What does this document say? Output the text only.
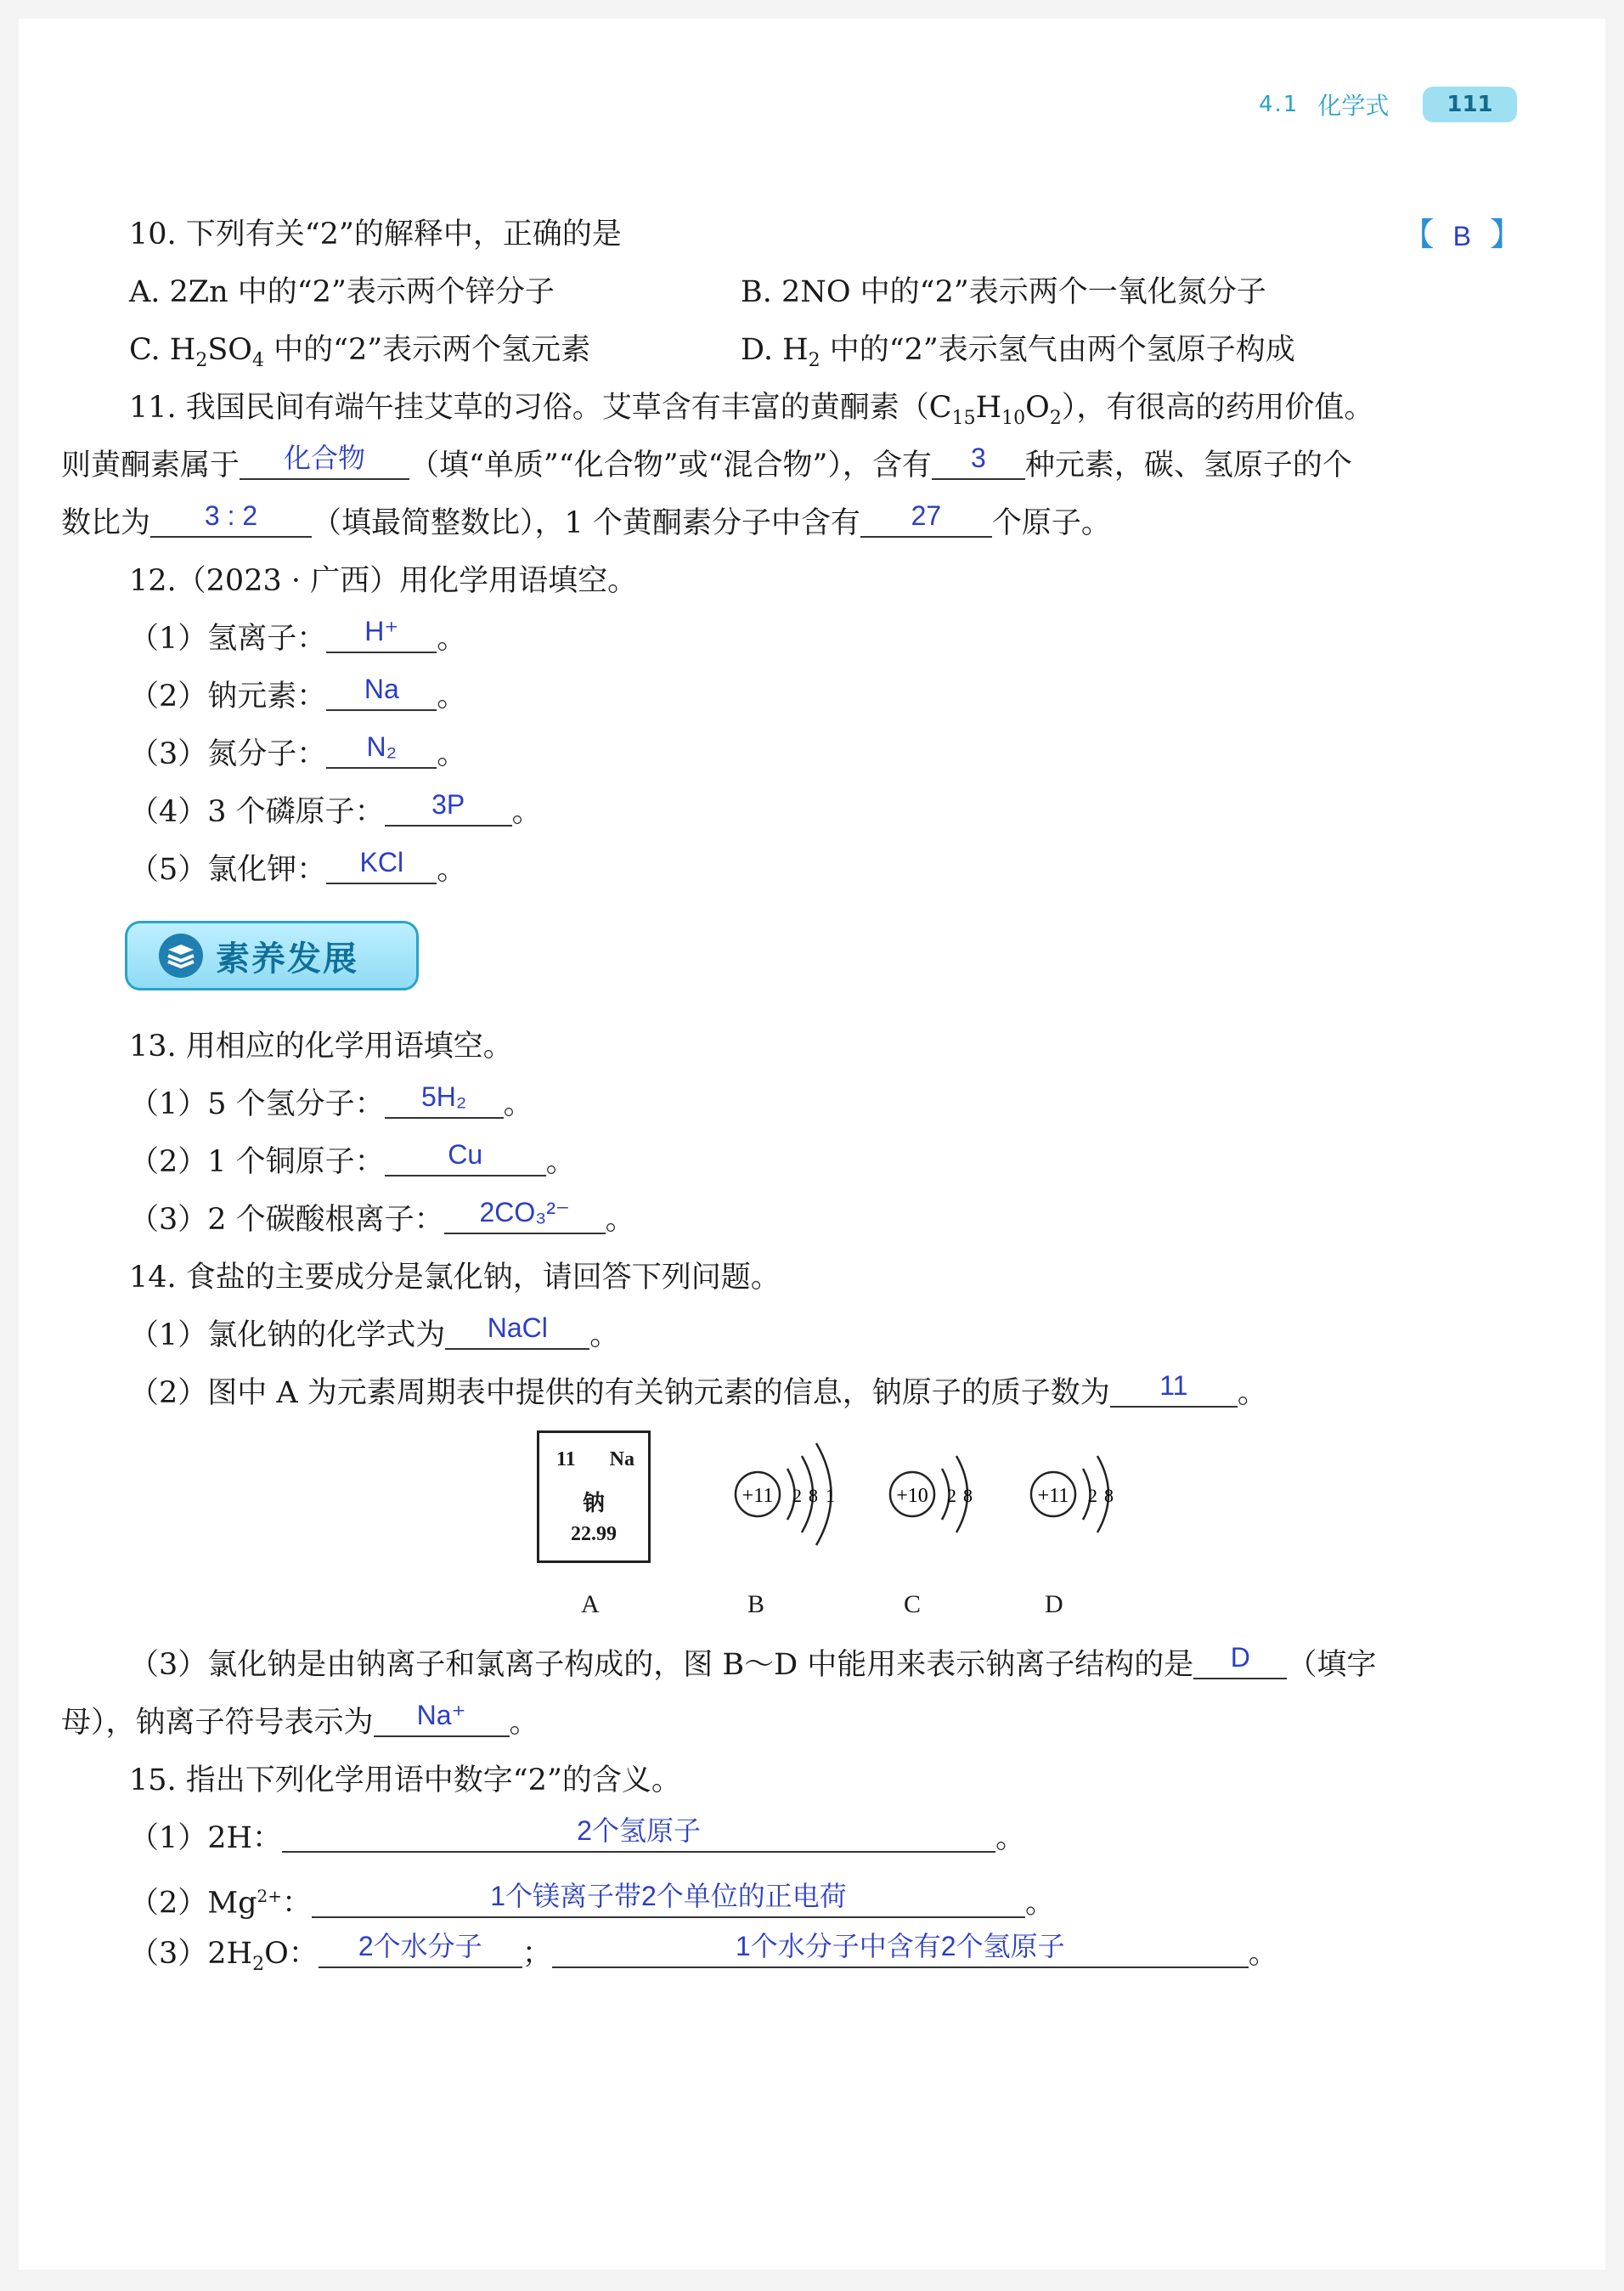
4.1 化学式	111
10. 下列有关“2”的解释中，正确的是	【 B 】
A. 2Zn 中的“2”表示两个锌分子	B. 2NO 中的“2”表示两个一氧化氮分子
C. $H_2SO_4$ 中的“2”表示两个氢元素	D. $H_2$ 中的“2”表示氢气由两个氢原子构成
11. 我国民间有端午挂艾草的习俗。艾草含有丰富的黄酮素$(C_{15}H_{10}O_2)$，有很高的药用价值。
则黄酮素属于	化合物	（填“单质”“化合物”或“混合物”），含有	3	种元素，碳、氢原子的个
数比为	3 : 2	（填最简整数比），1 个黄酮素分子中含有	27	个原子。
12.（2023 · 广西）用化学用语填空。
（1）氢离子：	H⁺	。
（2）钠元素：	Na	。
（3）氮分子：	N₂	。
（4）3 个磷原子：	3P	。
（5）氯化钾：	KCl	。
素养发展
13. 用相应的化学用语填空。
（1）5 个氢分子：	5H₂	。
（2）1 个铜原子：	Cu	。
（3）2 个碳酸根离子：	2CO₃²⁻	。
14. 食盐的主要成分是氯化钠，请回答下列问题。
（1）氯化钠的化学式为	NaCl	。
（2）图中 A 为元素周期表中提供的有关钠元素的信息，钠原子的质子数为	11	。
11 Na
钠
22.99
A
+11 2 8 1
B
+10 2 8
C
+11 2 8
D
（3）氯化钠是由钠离子和氯离子构成的，图 B～D 中能用来表示钠离子结构的是	D	（填字
母），钠离子符号表示为	Na⁺	。
15. 指出下列化学用语中数字“2”的含义。
（1）2H：	2个氢原子	。
$(2)Mg^{2+}$：	1个镁离子带2个单位的正电荷	。
$(3)2H_2O$：	2个水分子	；	1个水分子中含有2个氢原子	。
